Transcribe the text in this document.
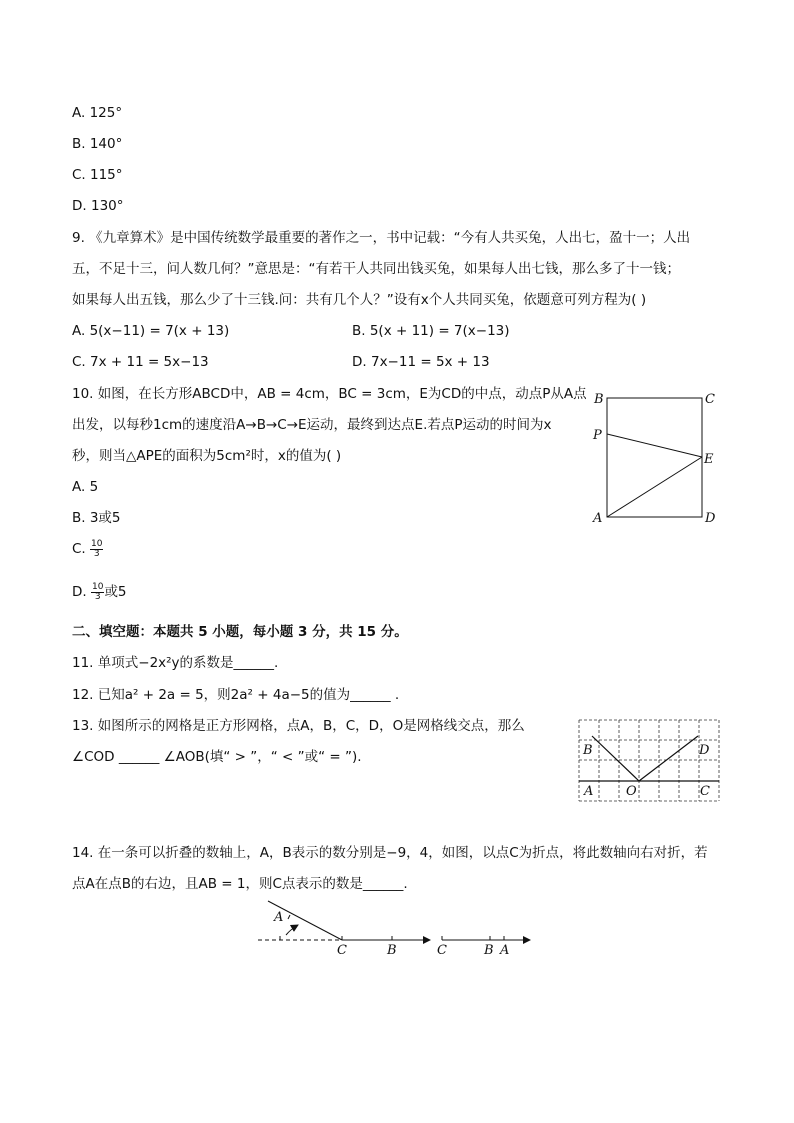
A. 125°
B. 140°
C. 115°
D. 130°
9. 《九章算术》是中国传统数学最重要的著作之一，书中记载：“今有人共买兔，人出七，盈十一；人出
五，不足十三，问人数几何？”意思是：“有若干人共同出钱买兔，如果每人出七钱，那么多了十一钱；
如果每人出五钱，那么少了十三钱.问：共有几个人？”设有x个人共同买兔，依题意可列方程为( )
A. 5(x−11) = 7(x + 13)	B. 5(x + 11) = 7(x−13)
C. 7x + 11 = 5x−13	D. 7x−11 = 5x + 13
10. 如图，在长方形ABCD中，AB = 4cm，BC = 3cm，E为CD的中点，动点P从A点
出发，以每秒1cm的速度沿A→B→C→E运动，最终到达点E.若点P运动的时间为x
秒，则当△APE的面积为5cm²时，x的值为( )
A. 5
B. 3或5
C. $\frac{10}{3}$
D. $\frac{10}{3}$ 或5
B	C
P
E
A	D
二、填空题：本题共 5 小题，每小题 3 分，共 15 分。
11. 单项式−2x²y的系数是______.
12. 已知a² + 2a = 5，则2a² + 4a−5的值为______ .
13. 如图所示的网格是正方形网格，点A，B，C，D，O是网格线交点，那么
∠COD ______ ∠AOB(填“ > ”，“ < ”或“ = ”).	B	D
A	O	C
14. 在一条可以折叠的数轴上，A，B表示的数分别是−9，4，如图，以点C为折点，将此数轴向右对折，若
点A在点B的右边，且AB = 1，则C点表示的数是______.
A
C	B	C	B A
